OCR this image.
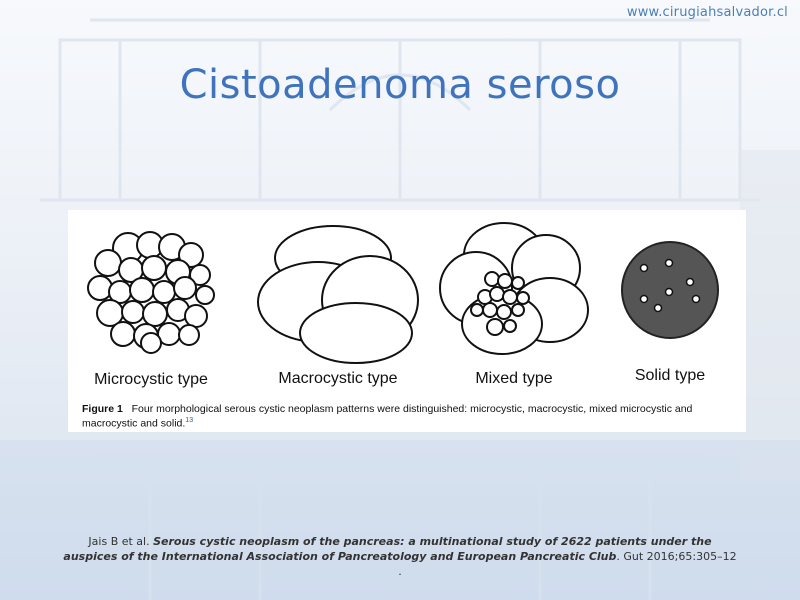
www.cirugiahsalvador.cl
Cistoadenoma seroso
Microcystic type	Macrocystic type	Mixed type	Solid type
Figure 1 Four morphological serous cystic neoplasm patterns were distinguished: microcystic, macrocystic, mixed microcystic and macrocystic and solid.$^{13}$
Jais B et al. Serous cystic neoplasm of the pancreas: a multinational study of 2622 patients under the auspices of the International Association of Pancreatology and European Pancreatic Club. Gut 2016;65:305–12 .
